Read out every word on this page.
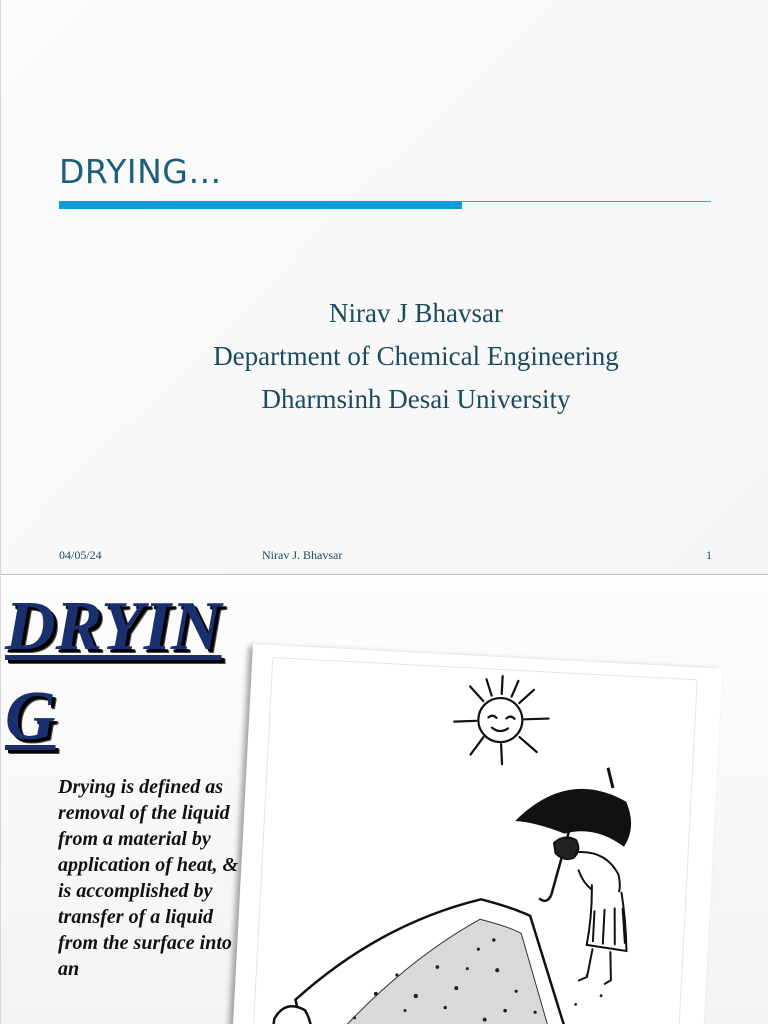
DRYING…
Nirav J Bhavsar
Department of Chemical Engineering
Dharmsinh Desai University
04/05/24	Nirav J. Bhavsar	1
DRYIN
G
Drying is defined as removal of the liquid from a material by application of heat, & is accomplished by transfer of a liquid from the surface into an
